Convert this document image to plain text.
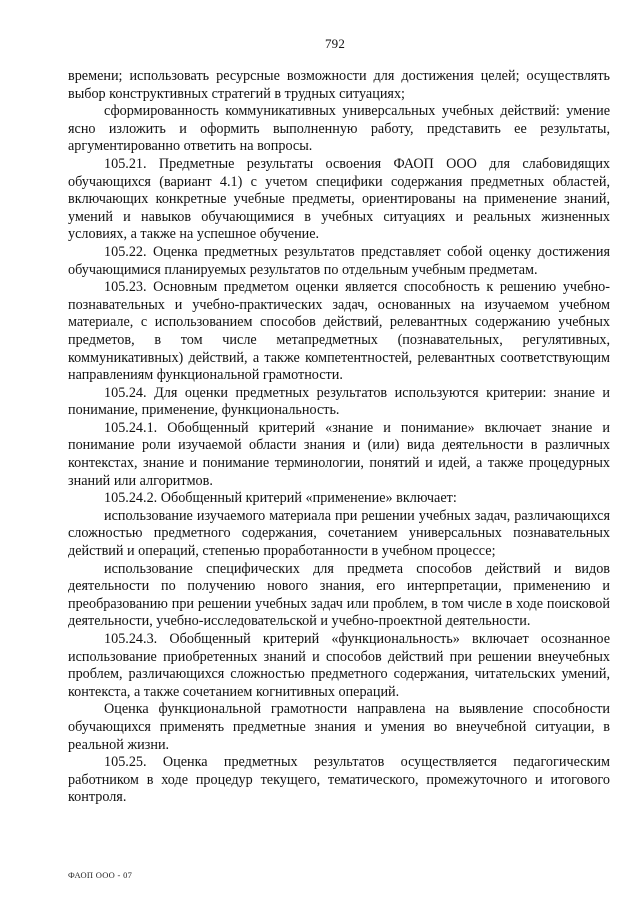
792

времени; использовать ресурсные возможности для достижения целей; осуществлять выбор конструктивных стратегий в трудных ситуациях;

сформированность коммуникативных универсальных учебных действий: умение ясно изложить и оформить выполненную работу, представить ее результаты, аргументированно ответить на вопросы.

105.21. Предметные результаты освоения ФАОП ООО для слабовидящих обучающихся (вариант 4.1) с учетом специфики содержания предметных областей, включающих конкретные учебные предметы, ориентированы на применение знаний, умений и навыков обучающимися в учебных ситуациях и реальных жизненных условиях, а также на успешное обучение.

105.22. Оценка предметных результатов представляет собой оценку достижения обучающимися планируемых результатов по отдельным учебным предметам.

105.23. Основным предметом оценки является способность к решению учебно-познавательных и учебно-практических задач, основанных на изучаемом учебном материале, с использованием способов действий, релевантных содержанию учебных предметов, в том числе метапредметных (познавательных, регулятивных, коммуникативных) действий, а также компетентностей, релевантных соответствующим направлениям функциональной грамотности.

105.24. Для оценки предметных результатов используются критерии: знание и понимание, применение, функциональность.

105.24.1. Обобщенный критерий «знание и понимание» включает знание и понимание роли изучаемой области знания и (или) вида деятельности в различных контекстах, знание и понимание терминологии, понятий и идей, а также процедурных знаний или алгоритмов.

105.24.2. Обобщенный критерий «применение» включает:

использование изучаемого материала при решении учебных задач, различающихся сложностью предметного содержания, сочетанием универсальных познавательных действий и операций, степенью проработанности в учебном процессе;

использование специфических для предмета способов действий и видов деятельности по получению нового знания, его интерпретации, применению и преобразованию при решении учебных задач или проблем, в том числе в ходе поисковой деятельности, учебно-исследовательской и учебно-проектной деятельности.

105.24.3. Обобщенный критерий «функциональность» включает осознанное использование приобретенных знаний и способов действий при решении внеучебных проблем, различающихся сложностью предметного содержания, читательских умений, контекста, а также сочетанием когнитивных операций.

Оценка функциональной грамотности направлена на выявление способности обучающихся применять предметные знания и умения во внеучебной ситуации, в реальной жизни.

105.25. Оценка предметных результатов осуществляется педагогическим работником в ходе процедур текущего, тематического, промежуточного и итогового контроля.

ФАОП ООО - 07
